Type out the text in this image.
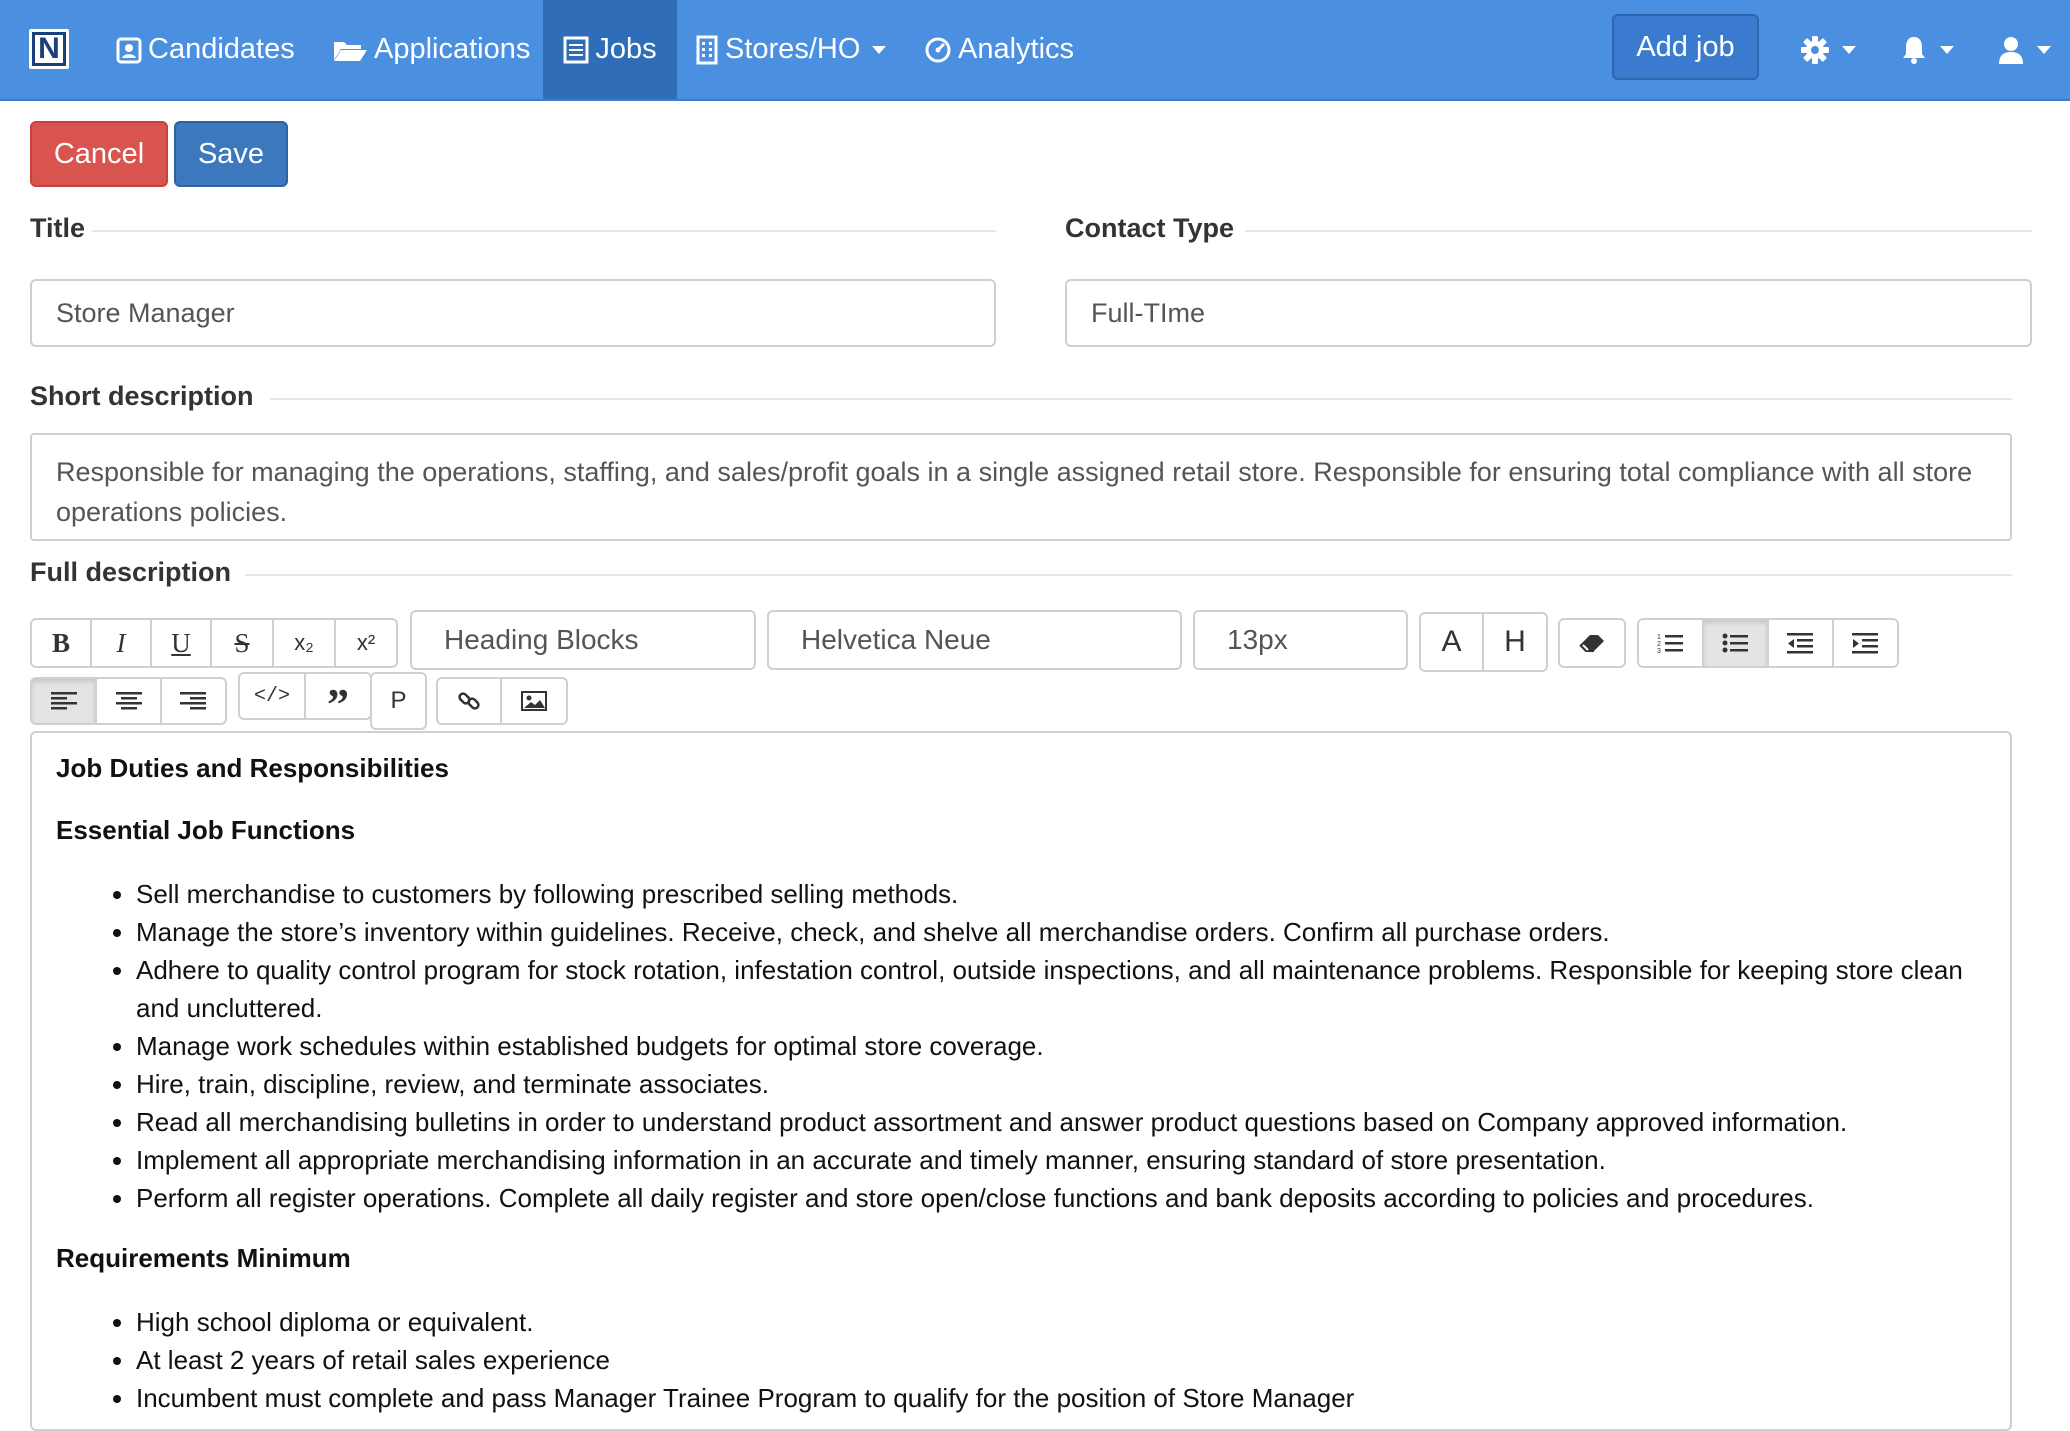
N	Candidates	Applications Jobs Stores/HO	Analytics	Add job
Cancel	Save
Title
Store Manager
Contact Type
Full-TIme
Short description
Responsible for managing the operations, staffing, and sales/profit goals in a single assigned retail store. Responsible for ensuring total compliance with all store operations policies.
Full description
B	I	U	S	x₂	x²	Heading Blocks	Helvetica Neue	13px	A	H	1
2
3
</> ”	P
Job Duties and Responsibilities
Essential Job Functions
• Sell merchandise to customers by following prescribed selling methods.
• Manage the store’s inventory within guidelines. Receive, check, and shelve all merchandise orders. Confirm all purchase orders.
• Adhere to quality control program for stock rotation, infestation control, outside inspections, and all maintenance problems. Responsible for keeping store clean and uncluttered.
• Manage work schedules within established budgets for optimal store coverage.
• Hire, train, discipline, review, and terminate associates.
• Read all merchandising bulletins in order to understand product assortment and answer product questions based on Company approved information.
• Implement all appropriate merchandising information in an accurate and timely manner, ensuring standard of store presentation.
• Perform all register operations. Complete all daily register and store open/close functions and bank deposits according to policies and procedures.
Requirements Minimum
• High school diploma or equivalent.
• At least 2 years of retail sales experience
• Incumbent must complete and pass Manager Trainee Program to qualify for the position of Store Manager
